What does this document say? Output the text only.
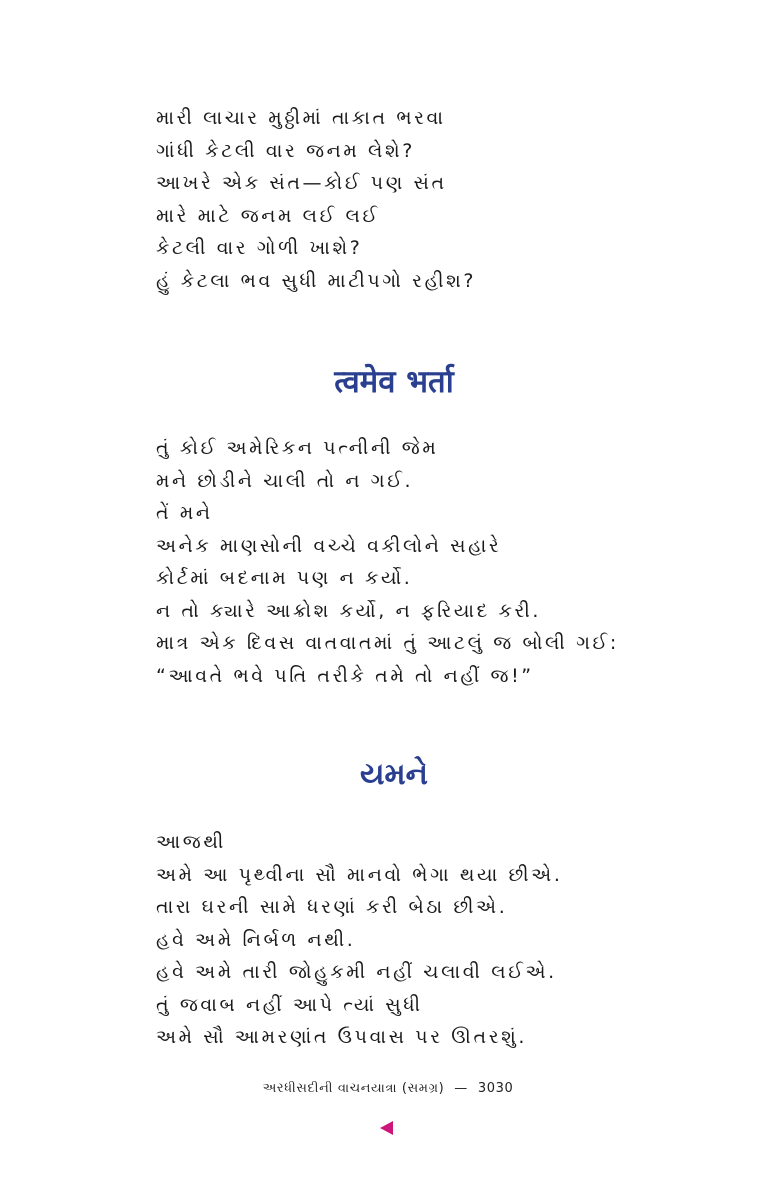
મારી લાચાર મુઠ્ઠીમાં તાકાત ભરવા
ગાંધી કેટલી વાર જનમ લેશે?
આખરે એક સંત—કોઈ પણ સંત
મારે માટે જનમ લઈ લઈ
કેટલી વાર ગોળી ખાશે?
હું કેટલા ભવ સુધી માટીપગો રહીશ?
त्वमेव भर्ता
તું કોઈ અમેરિકન પત્નીની જેમ
મને છોડીને ચાલી તો ન ગઈ.
તેં મને
અનેક માણસોની વચ્ચે વકીલોને સહારે
કોર્ટમાં બદનામ પણ ન કર્યો.
ન તો ક્યારે આક્રોશ કર્યો, ન ફરિયાદ કરી.
માત્ર એક દિવસ વાતવાતમાં તું આટલું જ બોલી ગઈ:
“આવતે ભવે પતિ તરીકે તમે તો નહીં જ!”
યમને
આજથી
અમે આ પૃથ્વીના સૌ માનવો ભેગા થયા છીએ.
તારા ઘરની સામે ધરણાં કરી બેઠા છીએ.
હવે અમે નિર્બળ નથી.
હવે અમે તારી જોહુકમી નહીં ચલાવી લઈએ.
તું જવાબ નહીં આપે ત્યાં સુધી
અમે સૌ આમરણાંત ઉપવાસ પર ઊતરશું.
અરધીસદીની વાચનયાત્રા (સમગ્ર) — 3030
